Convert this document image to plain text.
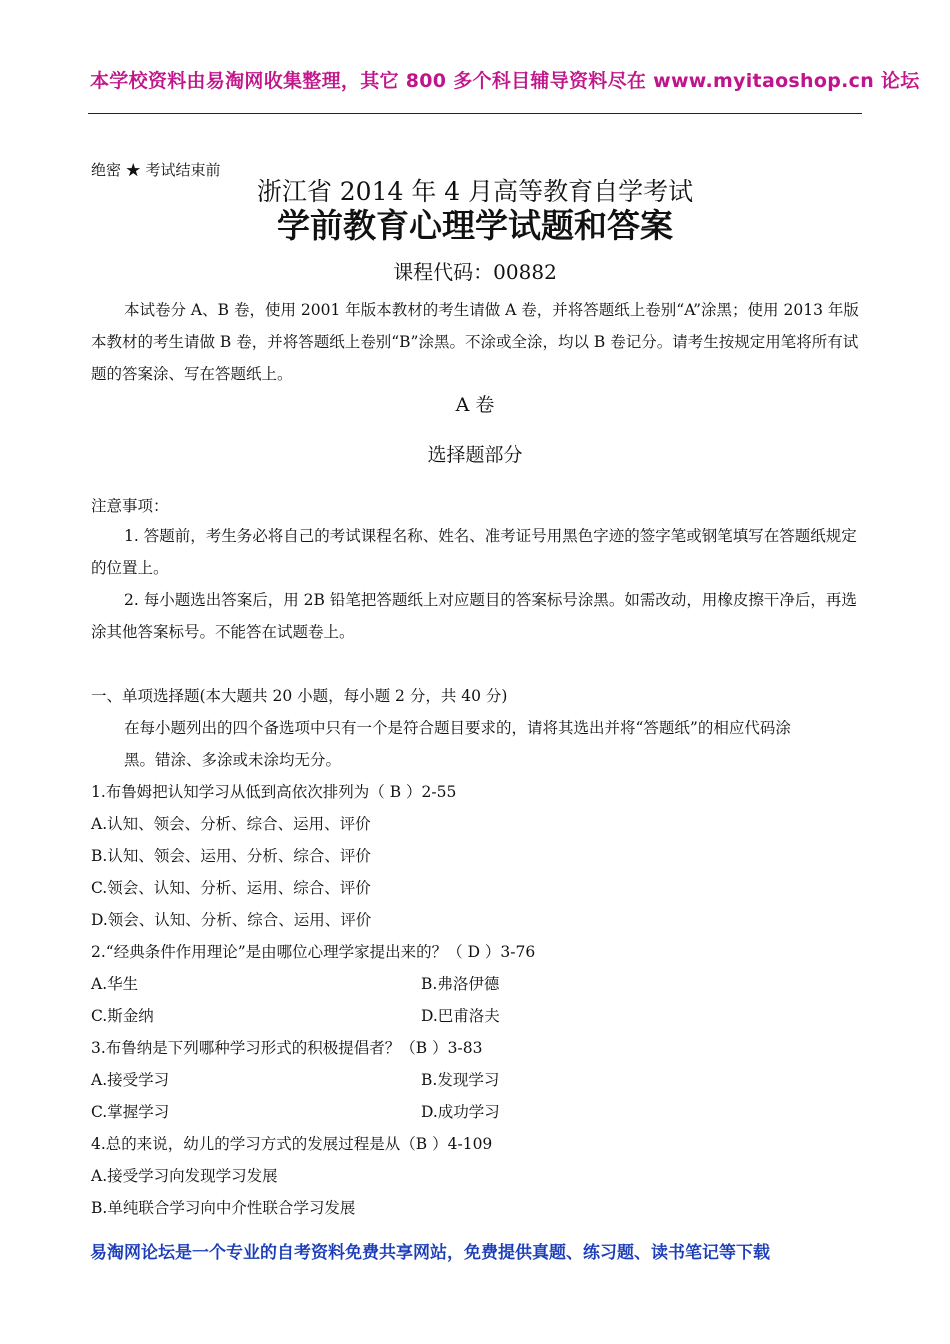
本学校资料由易淘网收集整理，其它 800 多个科目辅导资料尽在 www.myitaoshop.cn 论坛
绝密 ★ 考试结束前
浙江省 2014 年 4 月高等教育自学考试
学前教育心理学试题和答案
课程代码：00882
本试卷分 A、B 卷，使用 2001 年版本教材的考生请做 A 卷，并将答题纸上卷别“A”涂黑；使用 2013 年版本教材的考生请做 B 卷，并将答题纸上卷别“B”涂黑。不涂或全涂，均以 B 卷记分。请考生按规定用笔将所有试题的答案涂、写在答题纸上。
A 卷
选择题部分
注意事项：
1. 答题前，考生务必将自己的考试课程名称、姓名、准考证号用黑色字迹的签字笔或钢笔填写在答题纸规定的位置上。
2. 每小题选出答案后，用 2B 铅笔把答题纸上对应题目的答案标号涂黑。如需改动，用橡皮擦干净后，再选涂其他答案标号。不能答在试题卷上。
一、单项选择题(本大题共 20 小题，每小题 2 分，共 40 分)
在每小题列出的四个备选项中只有一个是符合题目要求的，请将其选出并将“答题纸”的相应代码涂
黑。错涂、多涂或未涂均无分。
1.布鲁姆把认知学习从低到高依次排列为（ B ）2-55
A.认知、领会、分析、综合、运用、评价
B.认知、领会、运用、分析、综合、评价
C.领会、认知、分析、运用、综合、评价
D.领会、认知、分析、综合、运用、评价
2.“经典条件作用理论”是由哪位心理学家提出来的？（ D ）3-76
A.华生	B.弗洛伊德
C.斯金纳	D.巴甫洛夫
3.布鲁纳是下列哪种学习形式的积极提倡者？（B ）3-83
A.接受学习	B.发现学习
C.掌握学习	D.成功学习
4.总的来说，幼儿的学习方式的发展过程是从（B ）4-109
A.接受学习向发现学习发展
B.单纯联合学习向中介性联合学习发展
易淘网论坛是一个专业的自考资料免费共享网站，免费提供真题、练习题、读书笔记等下载
